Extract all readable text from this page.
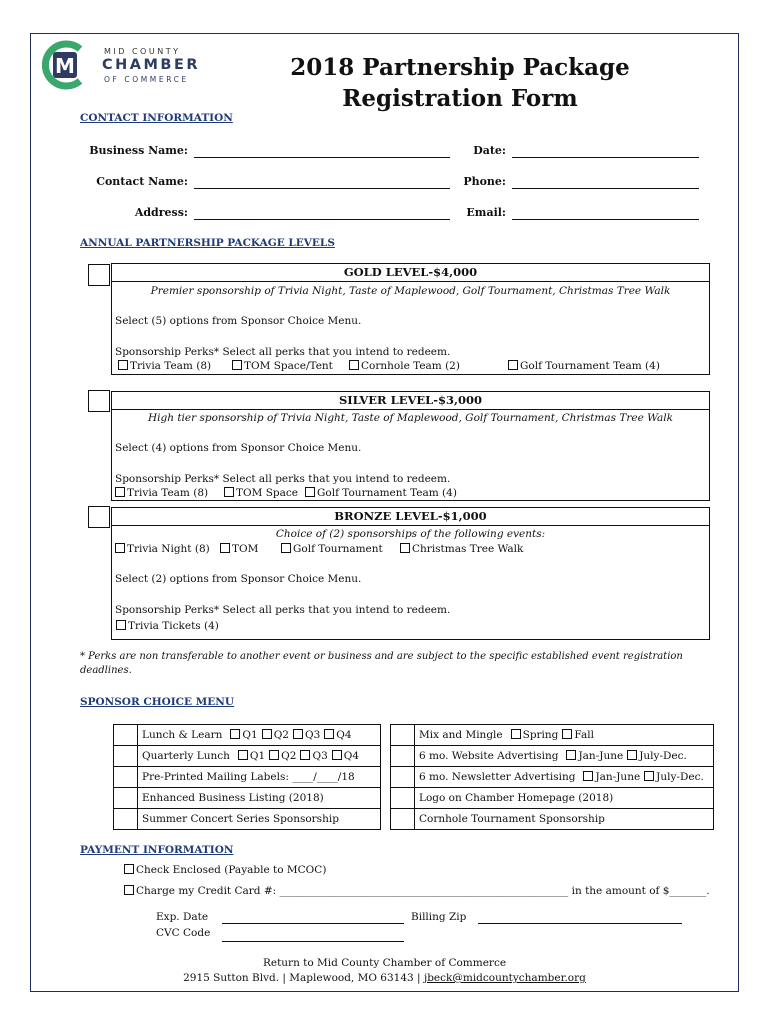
M
MID COUNTY
CHAMBER
OF COMMERCE	2018 Partnership Package
Registration Form
CONTACT INFORMATION
Business Name:	Date:
Contact Name:	Phone:
Address:	Email:
ANNUAL PARTNERSHIP PACKAGE LEVELS
GOLD LEVEL-$4,000
Premier sponsorship of Trivia Night, Taste of Maplewood, Golf Tournament, Christmas Tree Walk
Select (5) options from Sponsor Choice Menu.
Sponsorship Perks* Select all perks that you intend to redeem.
Trivia Team (8)	TOM Space/Tent	Cornhole Team (2)	Golf Tournament Team (4)
SILVER LEVEL-$3,000
High tier sponsorship of Trivia Night, Taste of Maplewood, Golf Tournament, Christmas Tree Walk
Select (4) options from Sponsor Choice Menu.
Sponsorship Perks* Select all perks that you intend to redeem.
Trivia Team (8)	TOM Space	Golf Tournament Team (4)
BRONZE LEVEL-$1,000
Choice of (2) sponsorships of the following events:
Trivia Night (8)	TOM	Golf Tournament	Christmas Tree Walk
Select (2) options from Sponsor Choice Menu.
Sponsorship Perks* Select all perks that you intend to redeem.
Trivia Tickets (4)
* Perks are non transferable to another event or business and are subject to the specific established event registration deadlines.
SPONSOR CHOICE MENU
	Lunch & Learn Q1 Q2 Q3 Q4
	Quarterly Lunch Q1 Q2 Q3 Q4
	Pre-Printed Mailing Labels: ____/____/18
	Enhanced Business Listing (2018)
	Summer Concert Series Sponsorship
	Mix and Mingle Spring Fall
	6 mo. Website Advertising Jan-June July-Dec.
	6 mo. Newsletter Advertising Jan-June July-Dec.
	Logo on Chamber Homepage (2018)
	Cornhole Tournament Sponsorship
PAYMENT INFORMATION
Check Enclosed (Payable to MCOC)
Charge my Credit Card #: _______________________________________________________ in the amount of $_______.
Exp. Date	Billing Zip
CVC Code
Return to Mid County Chamber of Commerce
2915 Sutton Blvd. | Maplewood, MO 63143 | jbeck@midcountychamber.org
